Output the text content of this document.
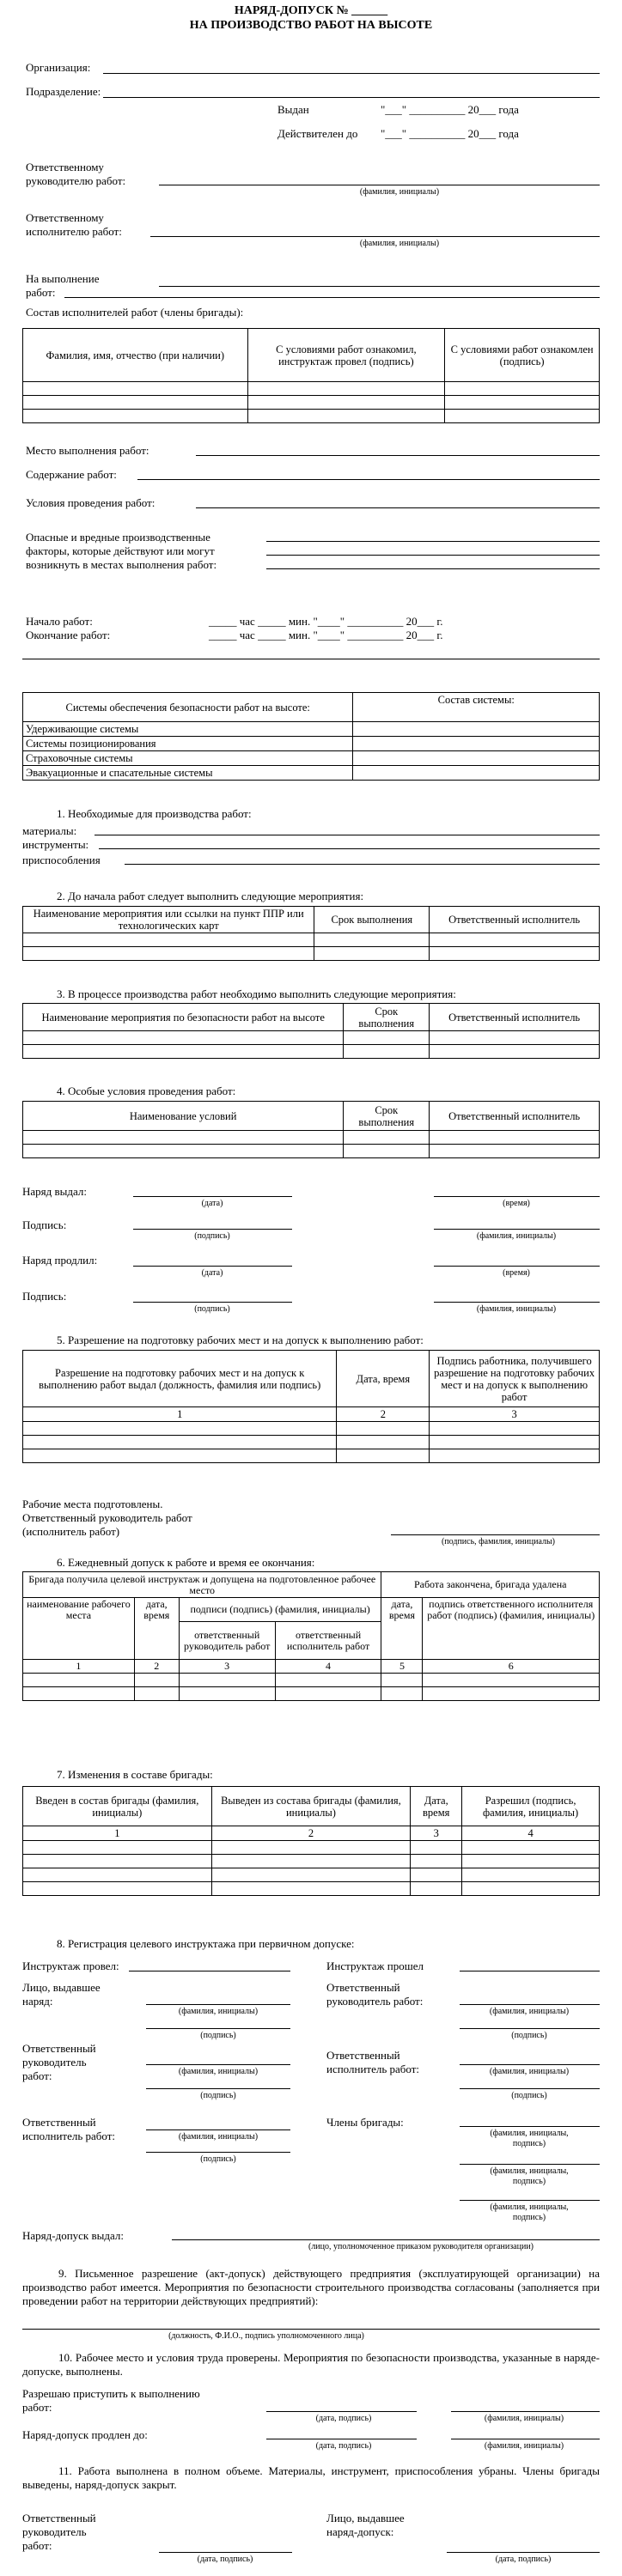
НАРЯД-ДОПУСК № ______
НА ПРОИЗВОДСТВО РАБОТ НА ВЫСОТЕ
Организация:
Подразделение:
Выдан	"___" __________ 20___ года
Действителен до "___" __________ 20___ года
Ответственному
руководителю работ:
(фамилия, инициалы)
Ответственному
исполнителю работ:
(фамилия, инициалы)
На выполнение
работ:
Состав исполнителей работ (члены бригады):
Фамилия, имя, отчество (при наличии)	С условиями работ ознакомил, инструктаж провел (подпись)	С условиями работ ознакомлен (подпись)

Место выполнения работ:
Содержание работ:
Условия проведения работ:
Опасные и вредные производственные
факторы, которые действуют или могут
возникнуть в местах выполнения работ:
Начало работ:	_____ час _____ мин. "____" __________ 20___ г.
Окончание работ:	_____ час _____ мин. "____" __________ 20___ г.
Системы обеспечения безопасности работ на высоте:	Состав системы:
Удерживающие системы	
Системы позиционирования	
Страховочные системы	
Эвакуационные и спасательные системы	
1. Необходимые для производства работ:
материалы:
инструменты:
приспособления
2. До начала работ следует выполнить следующие мероприятия:
Наименование мероприятия или ссылки на пункт ППР или технологических карт	Срок выполнения	Ответственный исполнитель

3. В процессе производства работ необходимо выполнить следующие мероприятия:
Наименование мероприятия по безопасности работ на высоте	Срок выполнения	Ответственный исполнитель

4. Особые условия проведения работ:
Наименование условий	Срок выполнения	Ответственный исполнитель

Наряд выдал:
(дата)	(время)
Подпись:
(подпись)	(фамилия, инициалы)
Наряд продлил:
(дата)	(время)
Подпись:
(подпись)	(фамилия, инициалы)
5. Разрешение на подготовку рабочих мест и на допуск к выполнению работ:
Разрешение на подготовку рабочих мест и на допуск к выполнению работ выдал (должность, фамилия или подпись)	Дата, время	Подпись работника, получившего разрешение на подготовку рабочих мест и на допуск к выполнению работ
1	2	3

Рабочие места подготовлены.
Ответственный руководитель работ
(исполнитель работ)
(подпись, фамилия, инициалы)
6. Ежедневный допуск к работе и время ее окончания:
Бригада получила целевой инструктаж и допущена на подготовленное рабочее место				Работа закончена, бригада удалена	
наименование рабочего места	дата, время	подписи (подпись) (фамилия, инициалы)		дата, время	подпись ответственного исполнителя работ (подпись) (фамилия, инициалы)
		ответственный руководитель работ	ответственный исполнитель работ		
1	2	3	4	5	6

7. Изменения в составе бригады:
Введен в состав бригады (фамилия, инициалы)	Выведен из состава бригады (фамилия, инициалы)	Дата, время	Разрешил (подпись, фамилия, инициалы)
1	2	3	4

8. Регистрация целевого инструктажа при первичном допуске:
Инструктаж провел:	Инструктаж прошел
Лицо, выдавшее
наряд:
(фамилия, инициалы)
(подпись)
Ответственный
руководитель
работ:	(фамилия, инициалы)
(подпись)
Ответственный
исполнитель работ:	(фамилия, инициалы)
(подпись)
Ответственный
руководитель работ:
(фамилия, инициалы)
(подпись)
Ответственный
исполнитель работ:	(фамилия, инициалы)
(подпись)
Члены бригады:
(фамилия, инициалы,
подпись)
(фамилия, инициалы,
подпись)
(фамилия, инициалы,
подпись)
Наряд-допуск выдал:
(лицо, уполномоченное приказом руководителя организации)

9. Письменное разрешение (акт-допуск) действующего предприятия (эксплуатирующей организации) на производство работ имеется. Мероприятия по безопасности строительного производства согласованы (заполняется при проведении работ на территории действующих предприятий):

(должность, Ф.И.О., подпись уполномоченного лица)

10. Рабочее место и условия труда проверены. Мероприятия по безопасности производства, указанные в наряде-допуске, выполнены.

Разрешаю приступить к выполнению
работ:
(дата, подпись)	(фамилия, инициалы)
Наряд-допуск продлен до:
(дата, подпись)	(фамилия, инициалы)

11. Работа выполнена в полном объеме. Материалы, инструмент, приспособления убраны. Члены бригады выведены, наряд-допуск закрыт.

Ответственный
руководитель
работ:
(дата, подпись)
Лицо, выдавшее
наряд-допуск:
(дата, подпись)
